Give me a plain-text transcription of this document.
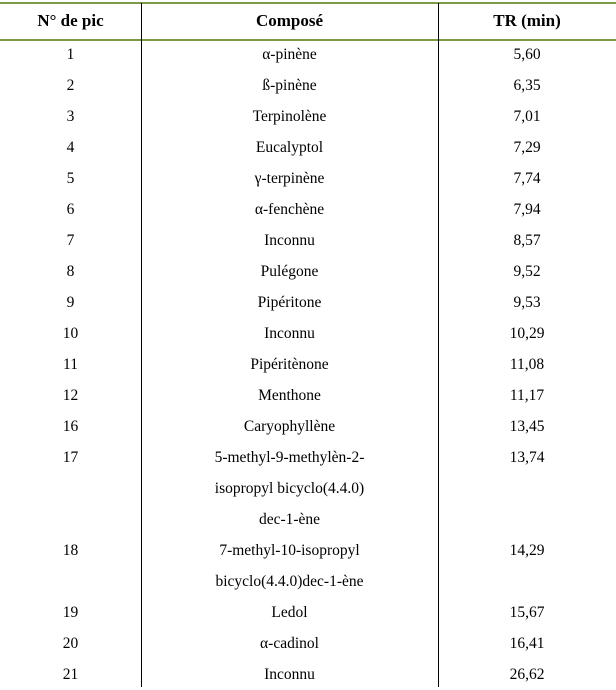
N° de pic	Composé	TR (min)
1	α-pinène	5,60
2	ß-pinène	6,35
3	Terpinolène	7,01
4	Eucalyptol	7,29
5	γ-terpinène	7,74
6	α-fenchène	7,94
7	Inconnu	8,57
8	Pulégone	9,52
9	Pipéritone	9,53
10	Inconnu	10,29
11	Pipéritènone	11,08
12	Menthone	11,17
16	Caryophyllène	13,45
17	5-methyl-9-methylèn-2-
isopropyl bicyclo(4.4.0)
dec-1-ène	13,74
18	7-methyl-10-isopropyl
bicyclo(4.4.0)dec-1-ène	14,29
19	Ledol	15,67
20	α-cadinol	16,41
21	Inconnu	26,62
